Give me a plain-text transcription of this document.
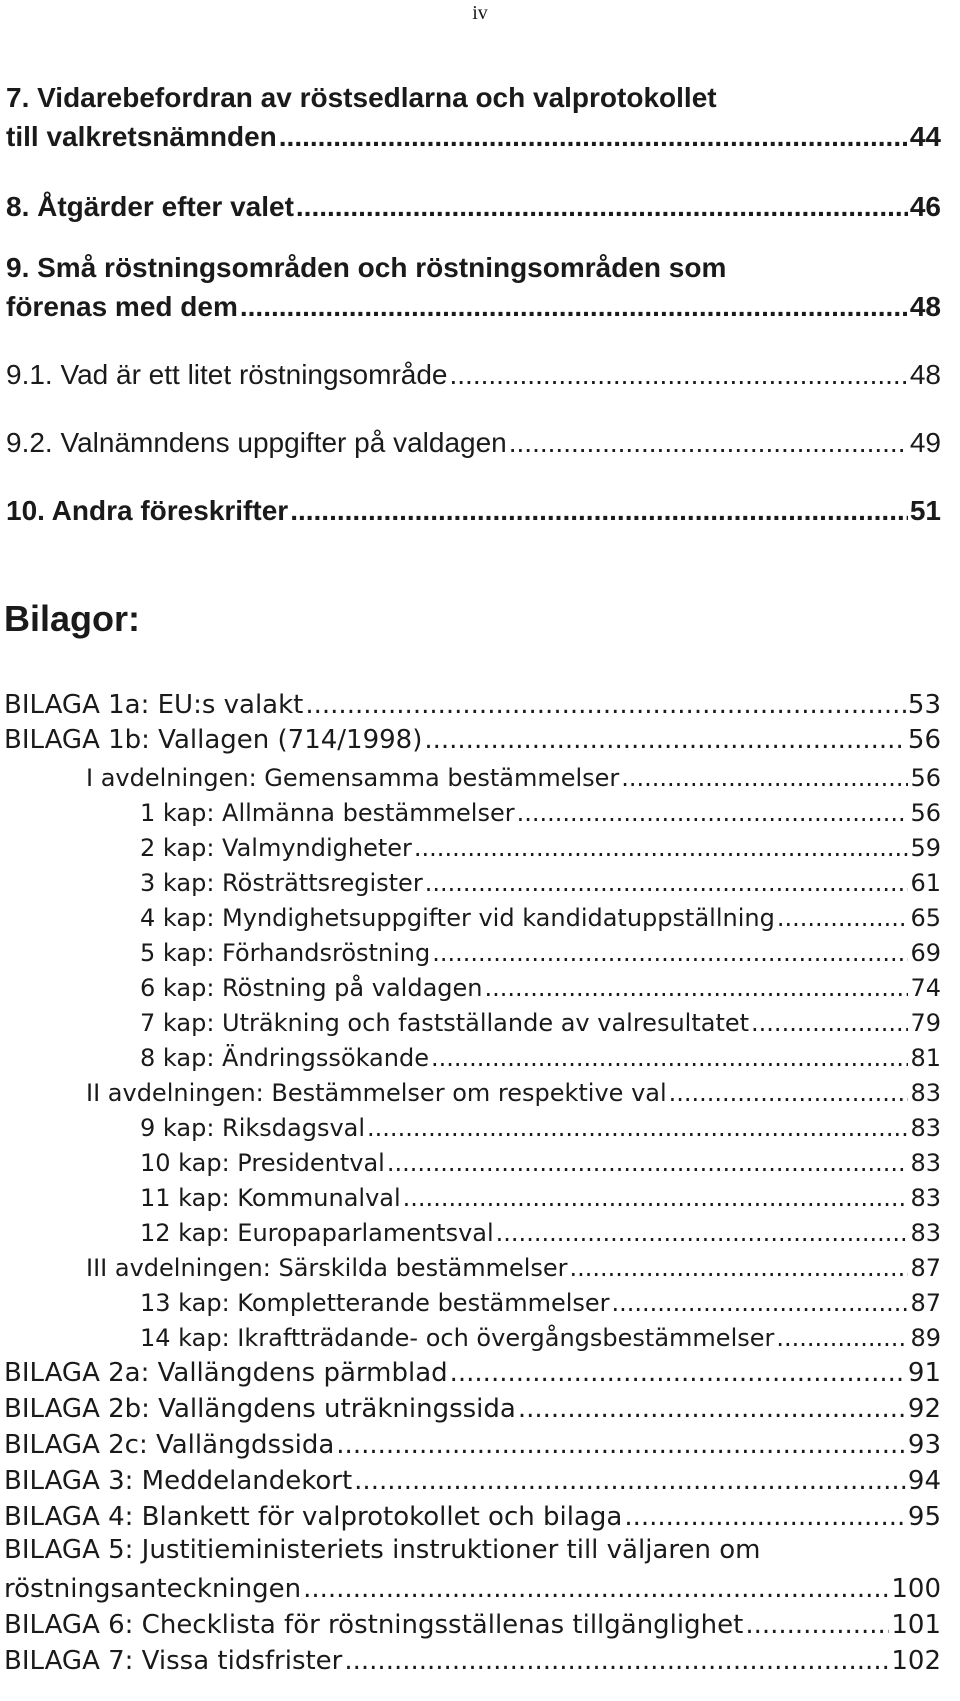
iv
7. Vidarebefordran av röstsedlarna och valprotokollet
till valkretsnämnden .....	44
8. Åtgärder efter valet .....	46
9. Små röstningsområden och röstningsområden som
förenas med dem .....	48
9.1. Vad är ett litet röstningsområde .....	48
9.2. Valnämndens uppgifter på valdagen .....	49
10. Andra föreskrifter .....	51
Bilagor:
BILAGA 1a: EU:s valakt .....	53
BILAGA 1b: Vallagen (714/1998) .....	56
I avdelningen: Gemensamma bestämmelser .....	56
1 kap: Allmänna bestämmelser .....	56
2 kap: Valmyndigheter .....	59
3 kap: Rösträttsregister .....	61
4 kap: Myndighetsuppgifter vid kandidatuppställning .....	65
5 kap: Förhandsröstning .....	69
6 kap: Röstning på valdagen .....	74
7 kap: Uträkning och fastställande av valresultatet .....	79
8 kap: Ändringssökande .....	81
II avdelningen: Bestämmelser om respektive val .....	83
9 kap: Riksdagsval .....	83
10 kap: Presidentval .....	83
11 kap: Kommunalval .....	83
12 kap: Europaparlamentsval .....	83
III avdelningen: Särskilda bestämmelser .....	87
13 kap: Kompletterande bestämmelser .....	87
14 kap: Ikraftträdande- och övergångsbestämmelser .....	89
BILAGA 2a: Vallängdens pärmblad .....	91
BILAGA 2b: Vallängdens uträkningssida .....	92
BILAGA 2c: Vallängdssida .....	93
BILAGA 3: Meddelandekort .....	94
BILAGA 4: Blankett för valprotokollet och bilaga .....	95
BILAGA 5: Justitieministeriets instruktioner till väljaren om
röstningsanteckningen .....	100
BILAGA 6: Checklista för röstningsställenas tillgänglighet .....	101
BILAGA 7: Vissa tidsfrister .....	102
